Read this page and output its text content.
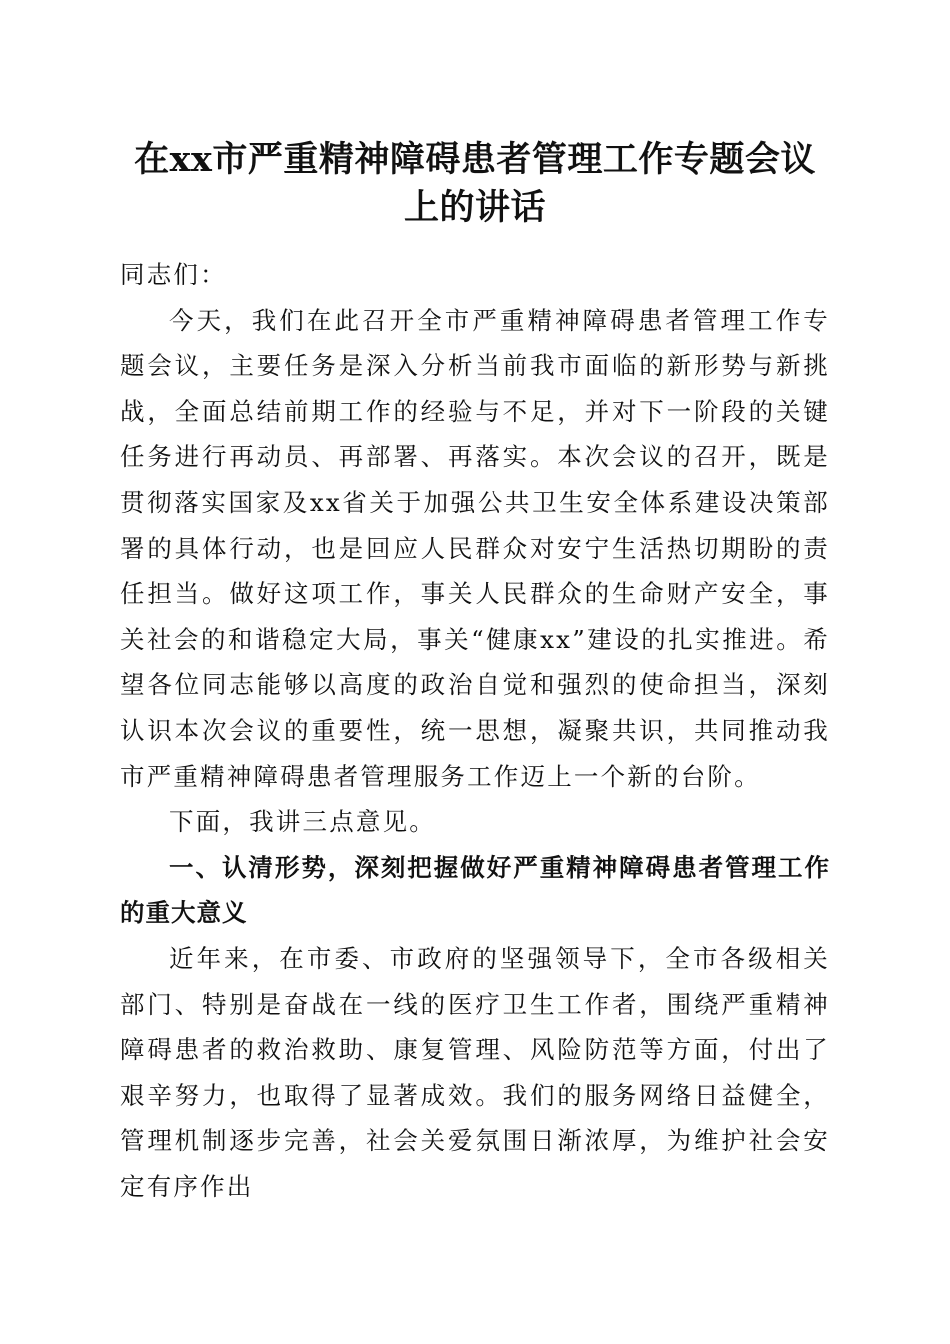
在xx市严重精神障碍患者管理工作专题会议
上的讲话

同志们：

今天，我们在此召开全市严重精神障碍患者管理工作专题会议，主要任务是深入分析当前我市面临的新形势与新挑战，全面总结前期工作的经验与不足，并对下一阶段的关键任务进行再动员、再部署、再落实。本次会议的召开，既是贯彻落实国家及xx省关于加强公共卫生安全体系建设决策部署的具体行动，也是回应人民群众对安宁生活热切期盼的责任担当。做好这项工作，事关人民群众的生命财产安全，事关社会的和谐稳定大局，事关“健康xx”建设的扎实推进。希望各位同志能够以高度的政治自觉和强烈的使命担当，深刻认识本次会议的重要性，统一思想，凝聚共识，共同推动我市严重精神障碍患者管理服务工作迈上一个新的台阶。

下面，我讲三点意见。

一、认清形势，深刻把握做好严重精神障碍患者管理工作的重大意义

近年来，在市委、市政府的坚强领导下，全市各级相关部门、特别是奋战在一线的医疗卫生工作者，围绕严重精神障碍患者的救治救助、康复管理、风险防范等方面，付出了艰辛努力，也取得了显著成效。我们的服务网络日益健全，管理机制逐步完善，社会关爱氛围日渐浓厚，为维护社会安定有序作出
